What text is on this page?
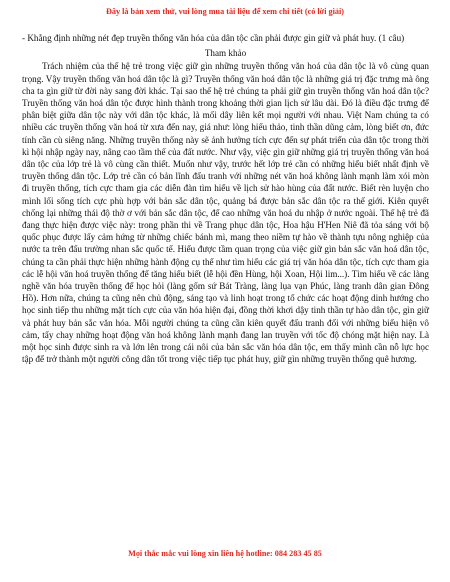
Đây là bản xem thử, vui lòng mua tài liệu để xem chi tiết (có lời giải)

- Khẳng định những nét đẹp truyền thống văn hóa của dân tộc cần phải được gìn giữ và phát huy. (1 câu)

Tham khảo

Trách nhiệm của thế hệ trẻ trong việc giữ gìn những truyền thống văn hoá của dân tộc là vô cùng quan trọng. Vậy truyền thống văn hoá dân tộc là gì? Truyền thống văn hoá dân tộc là những giá trị đặc trưng mà ông cha ta gìn giữ từ đời này sang đời khác. Tại sao thế hệ trẻ chúng ta phải giữ gìn truyền thống văn hoá dân tộc? Truyền thống văn hoá dân tộc được hình thành trong khoảng thời gian lịch sử lâu dài. Đó là điều đặc trưng để phân biệt giữa dân tộc này với dân tộc khác, là mối dây liên kết mọi người với nhau. Việt Nam chúng ta có nhiều các truyền thống văn hoá từ xưa đến nay, giá như: lòng hiếu thảo, tinh thần dũng cảm, lòng biết ơn, đức tính cần cù siêng năng. Những truyền thống này sẽ ảnh hưởng tích cực đến sự phát triển của dân tộc trong thời kì hội nhập ngày nay, nâng cao tầm thế của đất nước. Như vậy, việc gìn giữ những giá trị truyền thống văn hoá dân tộc của lớp trẻ là vô cùng cần thiết. Muốn như vậy, trước hết lớp trẻ cần có những hiểu biết nhất định về truyền thống dân tộc. Lớp trẻ cần có bản lĩnh đấu tranh với những nét văn hoá không lành mạnh làm xói mòn đi truyền thống, tích cực tham gia các diễn đàn tìm hiểu về lịch sử hào hùng của đất nước. Biết rèn luyện cho mình lối sống tích cực phù hợp với bản sắc dân tộc, quảng bá được bản sắc dân tộc ra thế giới. Kiên quyết chống lại những thái độ thờ ơ với bản sắc dân tộc, để cao những văn hoá du nhập ở nước ngoài. Thế hệ trẻ đã đang thực hiện được việc này: trong phần thi về Trang phục dân tộc, Hoa hậu H'Hen Niê đã tỏa sáng với bộ quốc phục được lấy cảm hứng từ những chiếc bánh mì, mang theo niềm tự hào về thành tựu nông nghiệp của nước ta trên đấu trường nhan sắc quốc tế. Hiểu được tầm quan trọng của việc giữ gìn bản sắc văn hoá dân tộc, chúng ta cần phải thực hiện những hành động cụ thể như tìm hiểu các giá trị văn hóa dân tộc, tích cực tham gia các lễ hội văn hoá truyền thống để tăng hiểu biết (lễ hội đền Hùng, hội Xoan, Hội lim...). Tìm hiểu về các làng nghề văn hóa truyền thống để học hỏi (làng gốm sứ Bát Tràng, làng lụa vạn Phúc, làng tranh dân gian Đông Hồ). Hơn nữa, chúng ta cũng nên chủ động, sáng tạo và linh hoạt trong tổ chức các hoạt động dinh hướng cho học sinh tiếp thu những mặt tích cực của văn hóa hiện đại, đồng thời khơi dậy tinh thần tự hào dân tộc, gìn giữ và phát huy bản sắc văn hóa. Mỗi người chúng ta cũng cần kiên quyết đấu tranh đối với những biểu hiện vô cảm, tẩy chay những hoạt động văn hoá không lành mạnh đang lan truyền với tốc độ chóng mặt hiện nay. Là một học sinh được sinh ra và lớn lên trong cái nôi của bản sắc văn hóa dân tộc, em thấy mình cần nỗ lực học tập để trở thành một người công dân tốt trong việc tiếp tục phát huy, giữ gìn những truyền thống quê hương.

Mọi thắc mắc vui lòng xin liên hệ hotline: 084 283 45 85
